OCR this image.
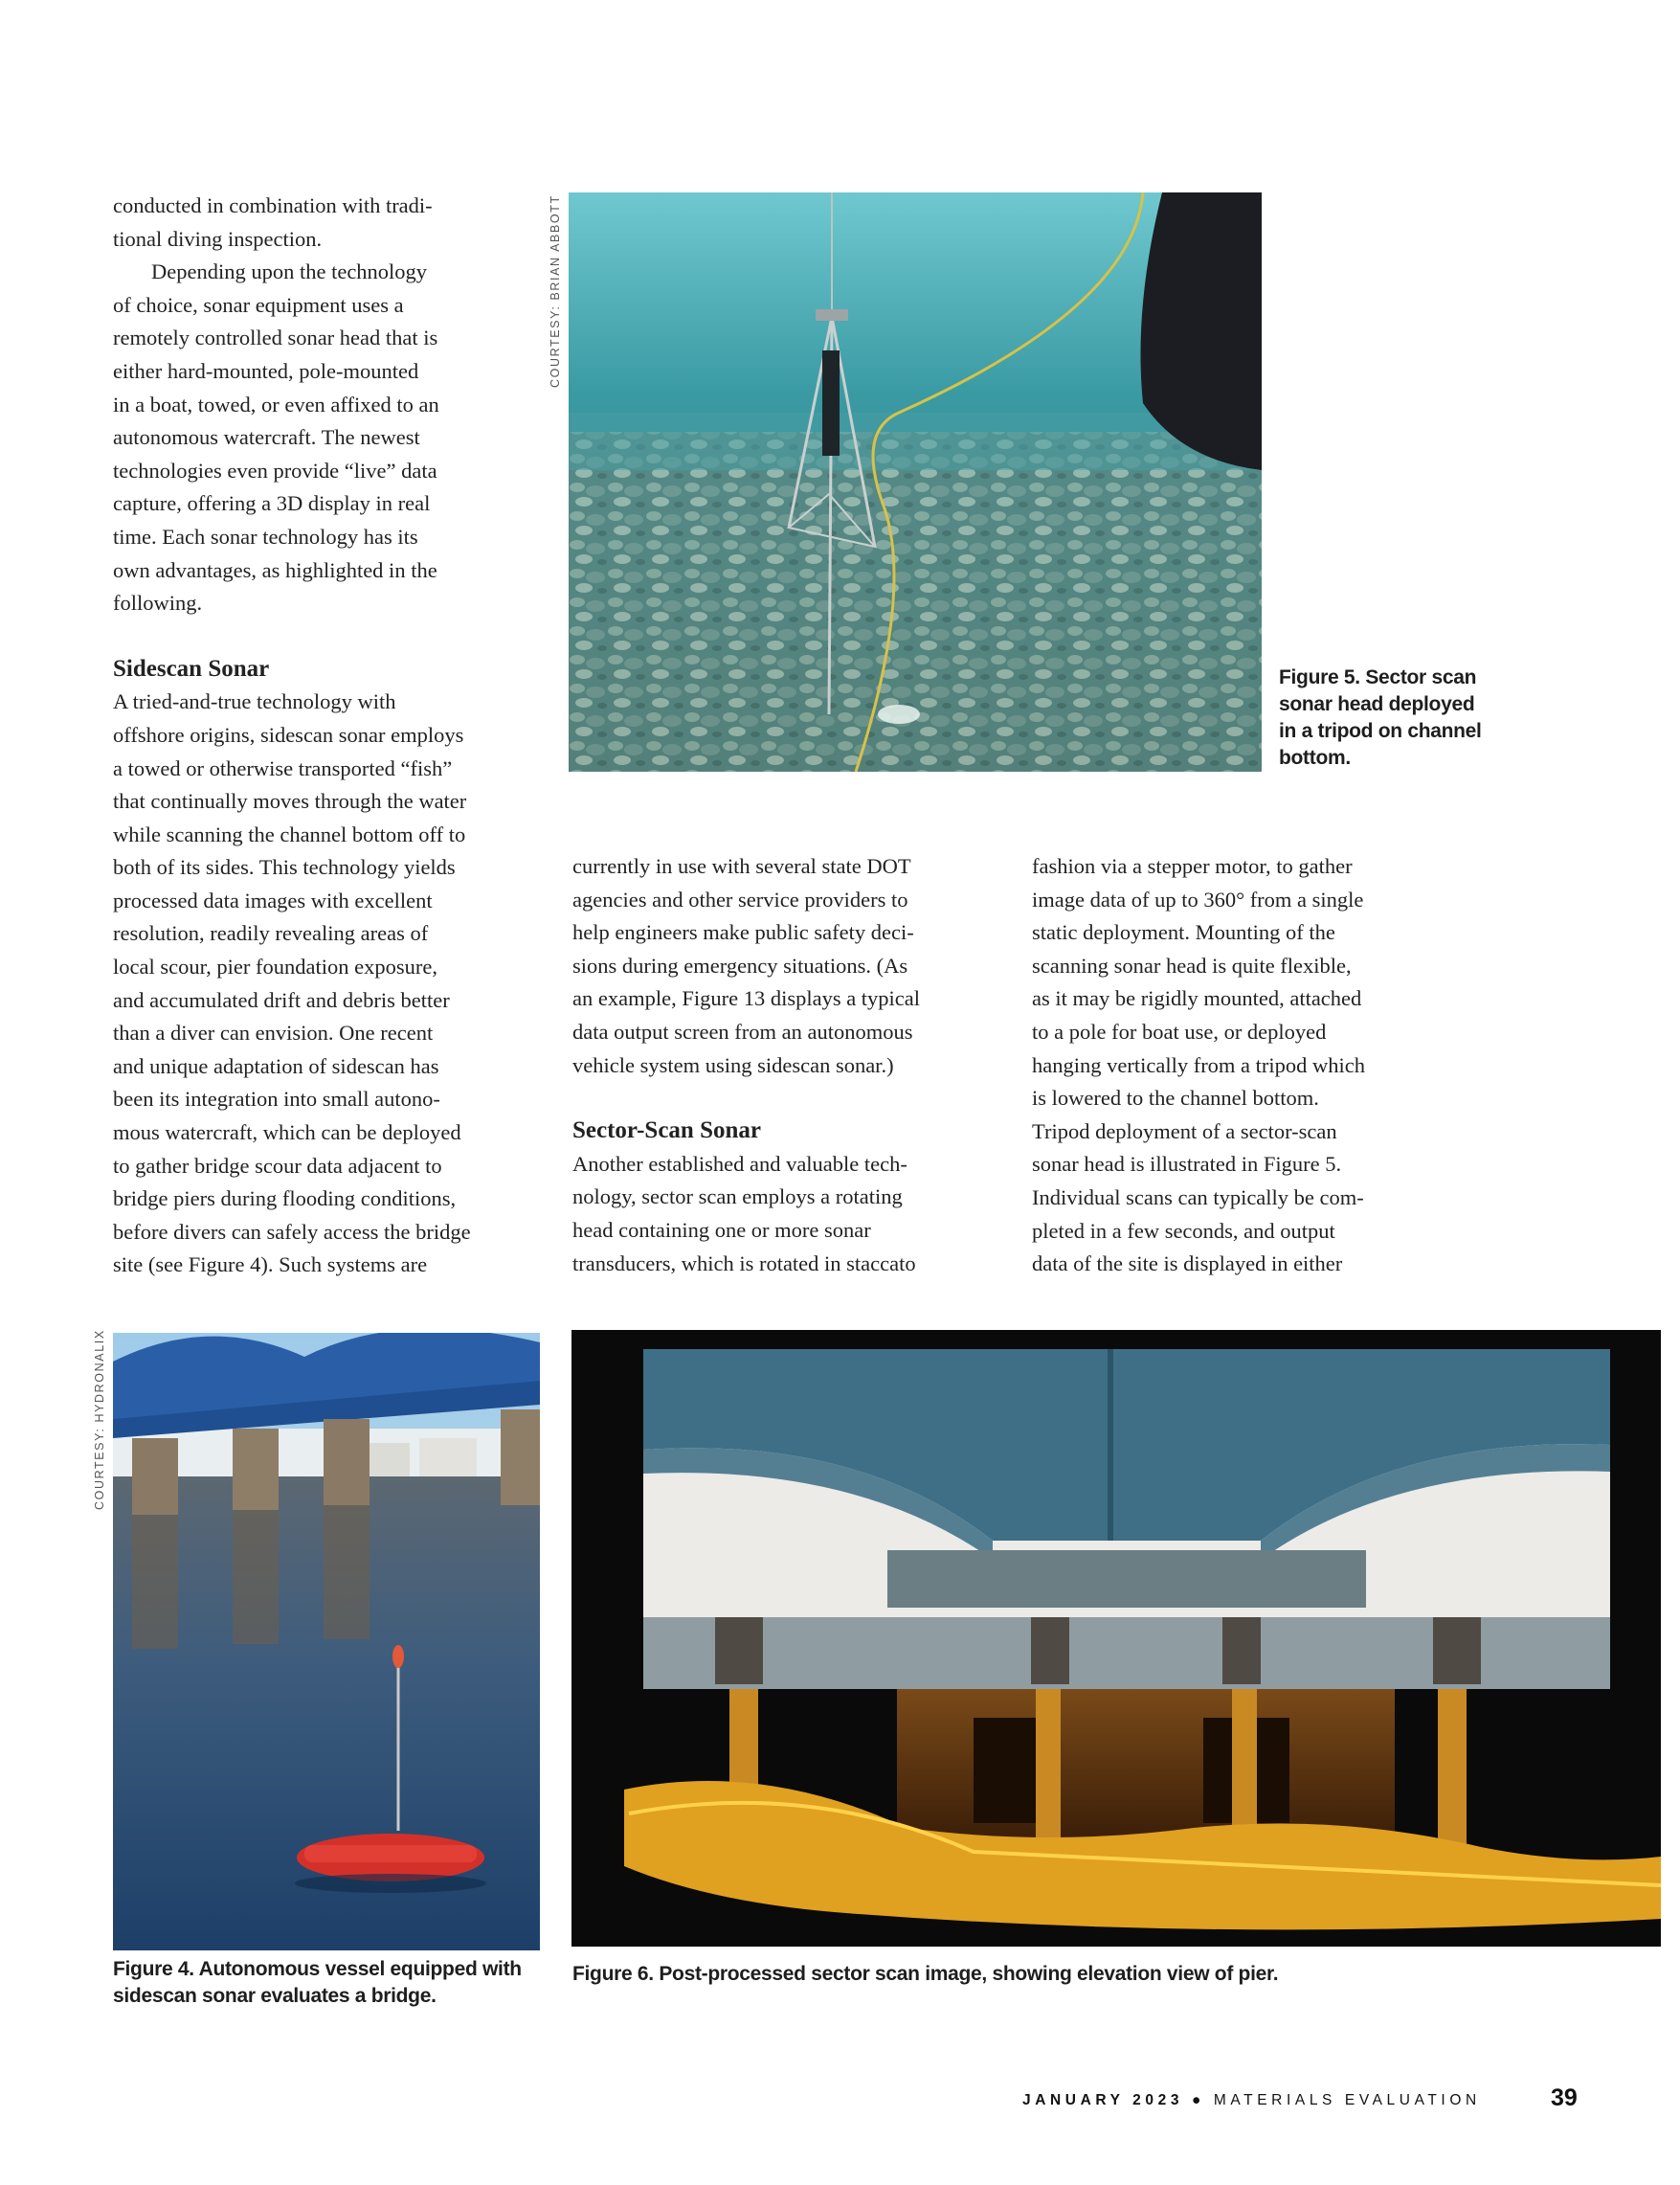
conducted in combination with tradi-
tional diving inspection.
Depending upon the technology
of choice, sonar equipment uses a
remotely controlled sonar head that is
either hard-mounted, pole-mounted
in a boat, towed, or even affixed to an
autonomous watercraft. The newest
technologies even provide “live” data
capture, offering a 3D display in real
time. Each sonar technology has its
own advantages, as highlighted in the
following.

Sidescan Sonar

A tried-and-true technology with
offshore origins, sidescan sonar employs
a towed or otherwise transported “fish”
that continually moves through the water
while scanning the channel bottom off to
both of its sides. This technology yields
processed data images with excellent
resolution, readily revealing areas of
local scour, pier foundation exposure,
and accumulated drift and debris better
than a diver can envision. One recent
and unique adaptation of sidescan has
been its integration into small autono-
mous watercraft, which can be deployed
to gather bridge scour data adjacent to
bridge piers during flooding conditions,
before divers can safely access the bridge
site (see Figure 4). Such systems are
currently in use with several state DOT
agencies and other service providers to
help engineers make public safety deci-
sions during emergency situations. (As
an example, Figure 13 displays a typical
data output screen from an autonomous
vehicle system using sidescan sonar.)

Sector-Scan Sonar

Another established and valuable tech-
nology, sector scan employs a rotating
head containing one or more sonar
transducers, which is rotated in staccato
fashion via a stepper motor, to gather
image data of up to 360° from a single
static deployment. Mounting of the
scanning sonar head is quite flexible,
as it may be rigidly mounted, attached
to a pole for boat use, or deployed
hanging vertically from a tripod which
is lowered to the channel bottom.
Tripod deployment of a sector-scan
sonar head is illustrated in Figure 5.
Individual scans can typically be com-
pleted in a few seconds, and output
data of the site is displayed in either
COURTESY: BRIAN ABBOTT
Figure 5. Sector scan
sonar head deployed
in a tripod on channel
bottom.
COURTESY: HYDRONALIX
Figure 4. Autonomous vessel equipped with
sidescan sonar evaluates a bridge.
Figure 6. Post-processed sector scan image, showing elevation view of pier.
JANUARY 2023 ● MATERIALS EVALUATION	39
